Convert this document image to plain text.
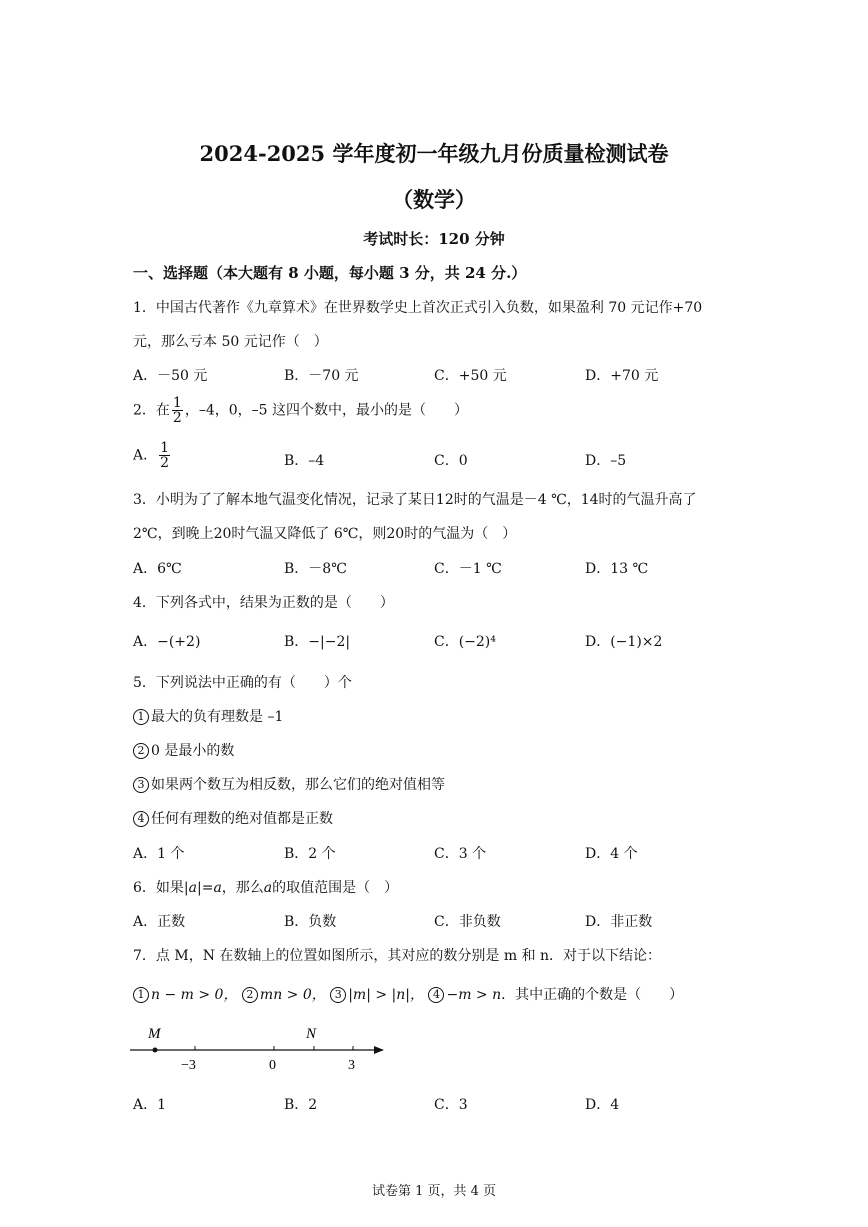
2024-2025 学年度初一年级九月份质量检测试卷
（数学）
考试时长：120 分钟
一、选择题（本大题有 8 小题，每小题 3 分，共 24 分.）
1．中国古代著作《九章算术》在世界数学史上首次正式引入负数，如果盈利 70 元记作+70
元，那么亏本 50 元记作（　）
A．－50 元	B．－70 元	C．+50 元	D．+70 元
2．在 $\frac{1}{2}$ ，–4，0，–5 这四个数中，最小的是（　　）
A． $\frac{1}{2}$	B．–4	C．0	D．–5
3．小明为了了解本地气温变化情况，记录了某日12时的气温是－4 ℃，14时的气温升高了
2℃，到晚上20时气温又降低了 6℃，则20时的气温为（　）
A．6℃	B．－8℃	C．－1 ℃	D．13 ℃
4．下列各式中，结果为正数的是（　　）
A．−(+2)	B．−|−2|	C．(−2)⁴	D．(−1)×2
5．下列说法中正确的有（　　）个
1 最大的负有理数是 –1
2 0 是最小的数
3 如果两个数互为相反数，那么它们的绝对值相等
4 任何有理数的绝对值都是正数
A．1 个	B．2 个	C．3 个	D．4 个
6．如果|a|=a，那么a的取值范围是（　）
A．正数	B．负数	C．非负数	D．非正数
7．点 M，N 在数轴上的位置如图所示，其对应的数分别是 m 和 n．对于以下结论：
1 n − m > 0， 2 mn > 0， 3 |m| > |n|， 4 −m > n．其中正确的个数是（　　）
M	N
−3	0	3
A．1	B．2	C．3	D．4
试卷第 1 页，共 4 页
